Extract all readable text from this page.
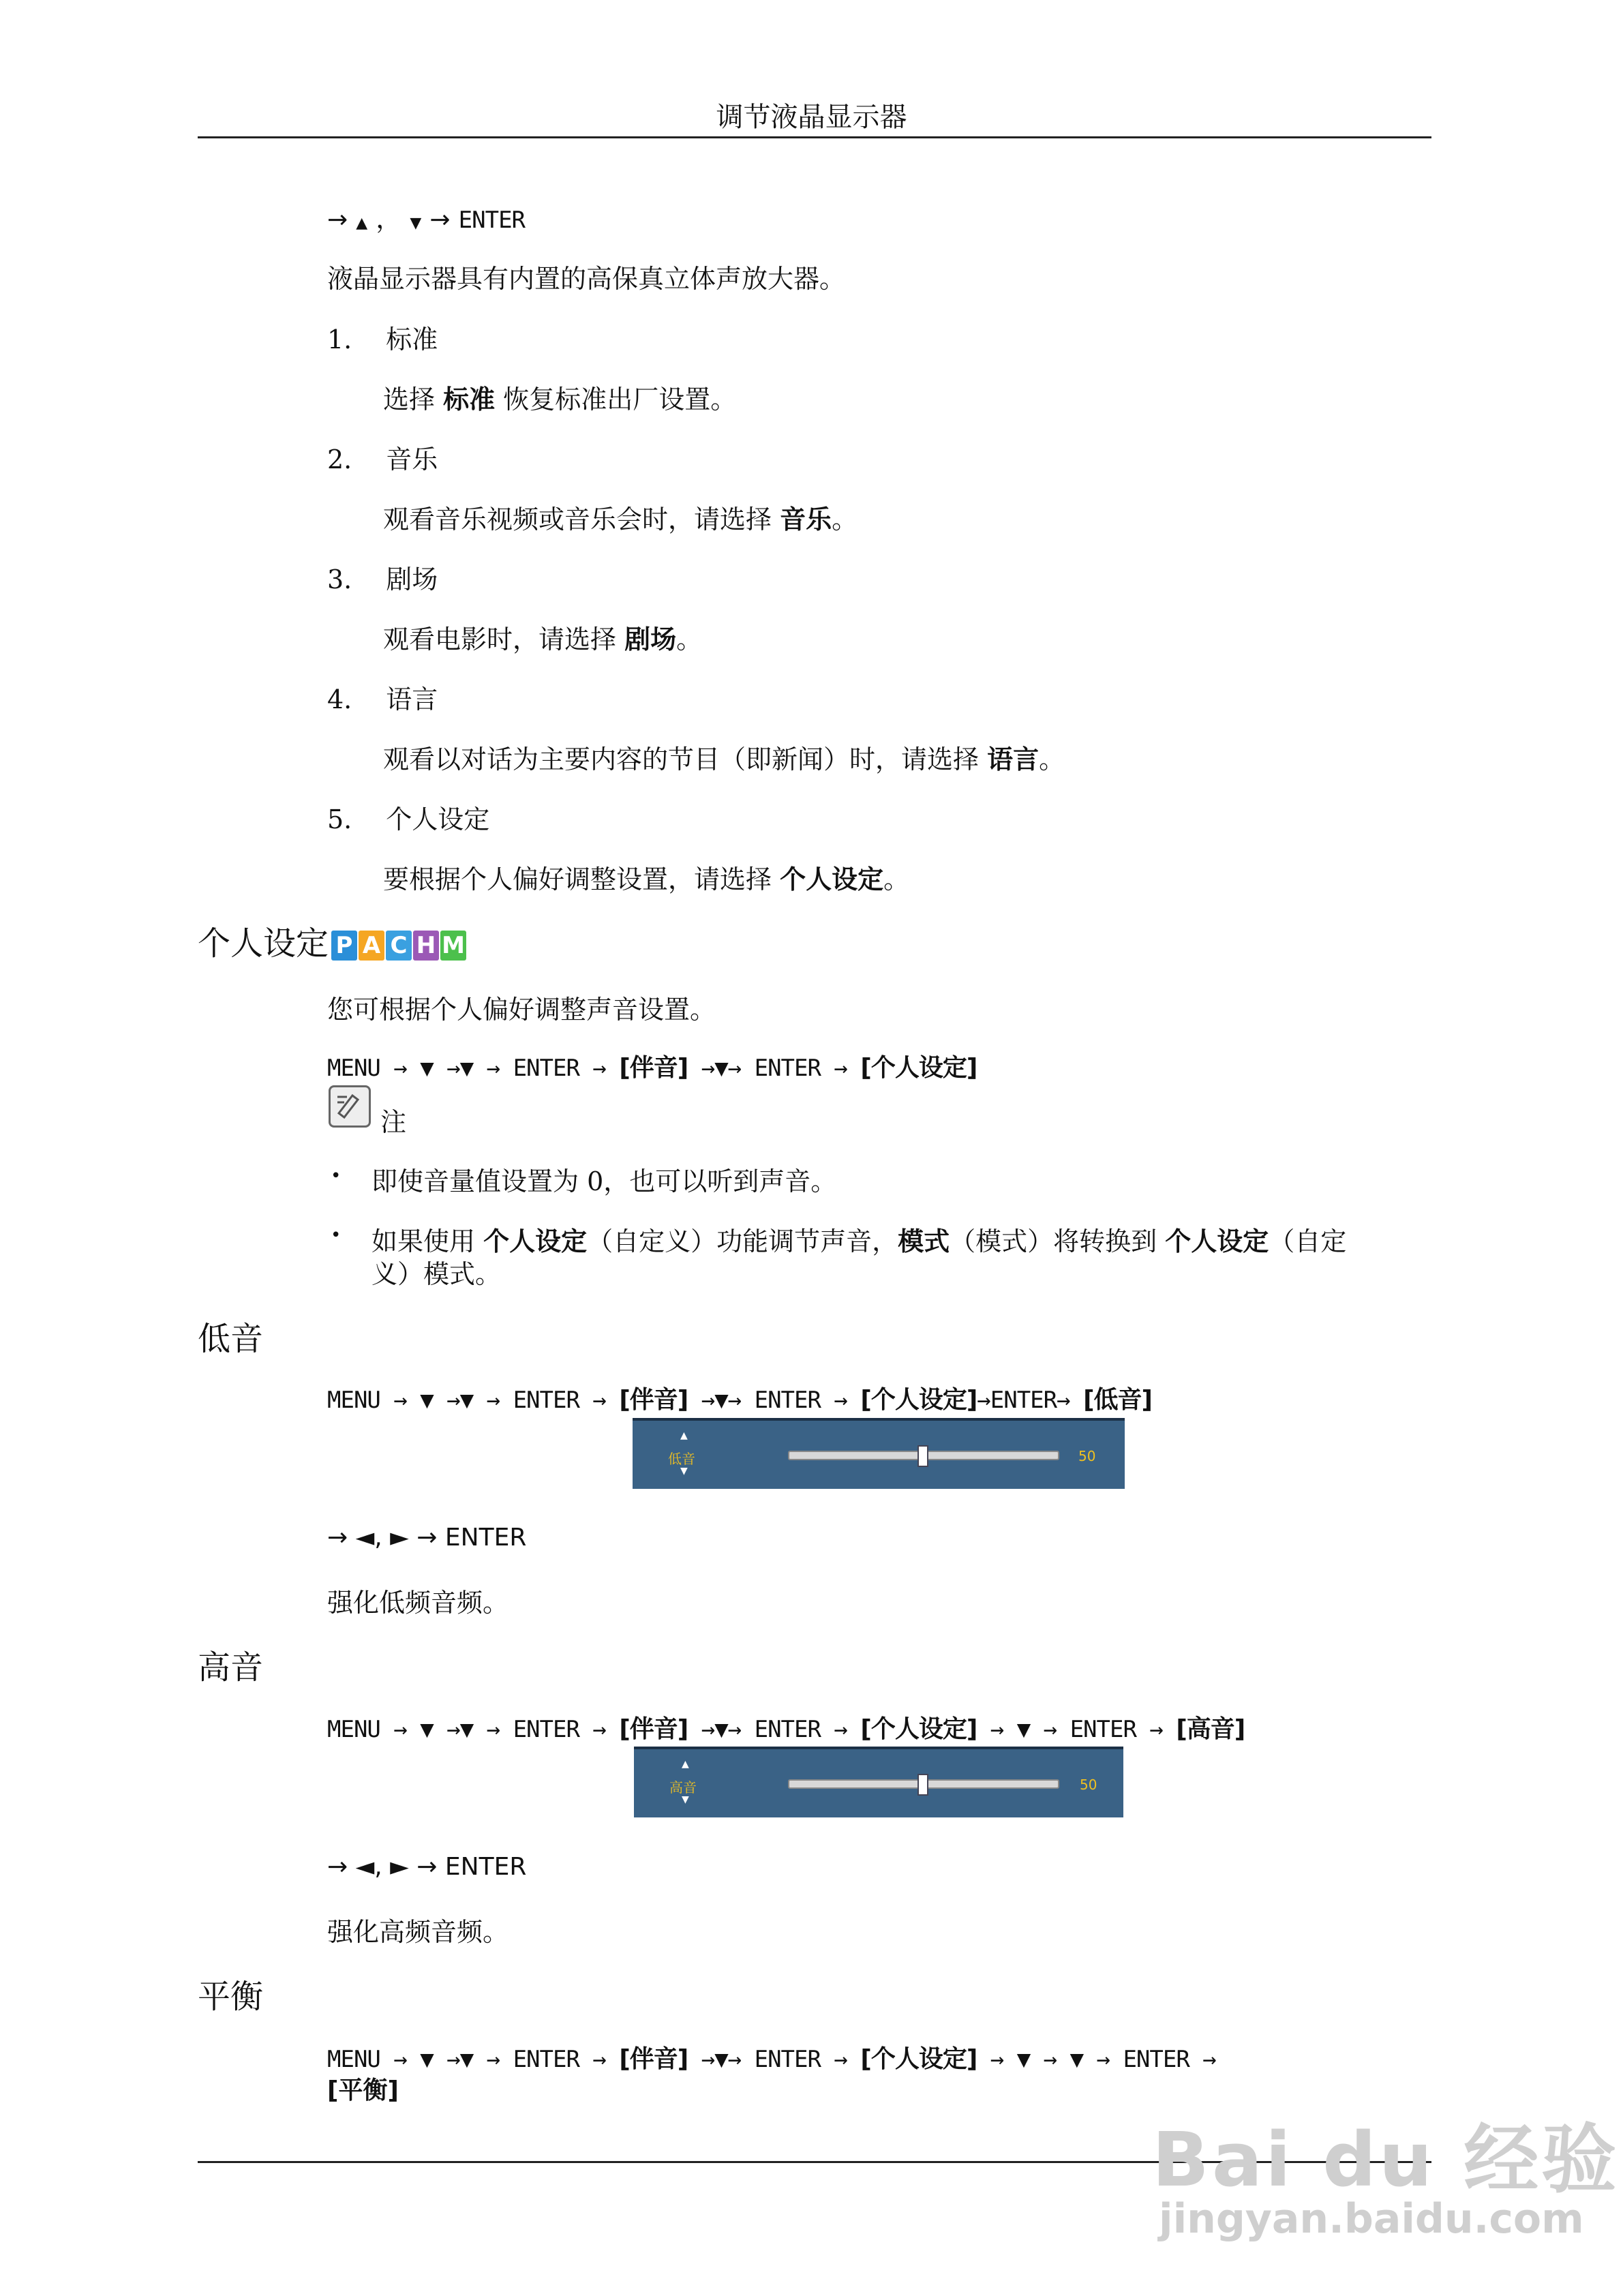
调节液晶显示器
→ ▲ ， ▼ → ENTER
液晶显示器具有内置的高保真立体声放大器。
1. 标准
选择 标准 恢复标准出厂设置。
2. 音乐
观看音乐视频或音乐会时，请选择 音乐。
3. 剧场
观看电影时，请选择 剧场。
4. 语言
观看以对话为主要内容的节目（即新闻）时，请选择 语言。
5. 个人设定
要根据个人偏好调整设置，请选择 个人设定。
个人设定 P A C H M
您可根据个人偏好调整声音设置。
MENU → ▼ →▼ → ENTER → [伴音] →▼→ ENTER → [个人设定]
注
• 即使音量值设置为 0，也可以听到声音。
• 如果使用 个人设定（自定义）功能调节声音，模式（模式）将转换到 个人设定（自定
义）模式。
低音
MENU → ▼ →▼ → ENTER → [伴音] →▼→ ENTER → [个人设定]→ENTER→ [低音]
▲
低音
▼
50
→ ◄, ► → ENTER
强化低频音频。
高音
MENU → ▼ →▼ → ENTER → [伴音] →▼→ ENTER → [个人设定] → ▼ → ENTER → [高音]
▲
高音
▼
50
→ ◄, ► → ENTER
强化高频音频。
平衡
MENU → ▼ →▼ → ENTER → [伴音] →▼→ ENTER → [个人设定] → ▼ → ▼ → ENTER →
[平衡]
Bai du 经验
jingyan.baidu.com
